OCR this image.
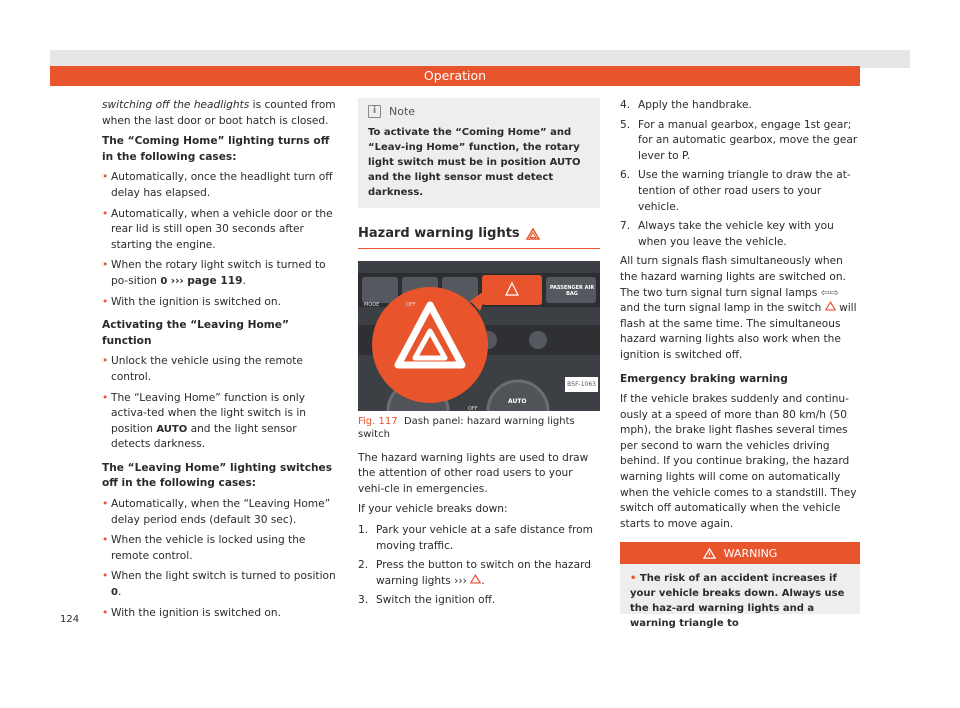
Operation

switching off the headlights is counted from when the last door or boot hatch is closed.

The “Coming Home” lighting turns off in the following cases:

• Automatically, once the headlight turn off delay has elapsed.
• Automatically, when a vehicle door or the rear lid is still open 30 seconds after starting the engine.
• When the rotary light switch is turned to po-sition 0 ››› page 119.
• With the ignition is switched on.

Activating the “Leaving Home” function

• Unlock the vehicle using the remote control.
• The “Leaving Home” function is only activa-ted when the light switch is in position AUTO and the light sensor detects darkness.

The “Leaving Home” lighting switches off in the following cases:

• Automatically, when the “Leaving Home” delay period ends (default 30 sec).
• When the vehicle is locked using the remote control.
• When the light switch is turned to position 0.
• With the ignition is switched on.
i	Note
To activate the “Coming Home” and “Leav-ing Home” function, the rotary light switch must be in position AUTO and the light sensor must detect darkness.
Hazard warning lights
MODE	OFF
PASSENGER AIR BAG
AUTO
OFF
B5F-1063
Fig. 117 Dash panel: hazard warning lights switch

The hazard warning lights are used to draw the attention of other road users to your vehi-cle in emergencies.

If your vehicle breaks down:

1. Park your vehicle at a safe distance from moving traffic.
2. Press the button to switch on the hazard warning lights ››› .
3. Switch the ignition off.
4. Apply the handbrake.
5. For a manual gearbox, engage 1st gear; for an automatic gearbox, move the gear lever to P.
6. Use the warning triangle to draw the at-tention of other road users to your vehicle.
7. Always take the vehicle key with you when you leave the vehicle.

All turn signals flash simultaneously when the hazard warning lights are switched on. The two turn signal turn signal lamps ⇦⇨ and the turn signal lamp in the switch will flash at the same time. The simultaneous hazard warning lights also work when the ignition is switched off.

Emergency braking warning

If the vehicle brakes suddenly and continu-ously at a speed of more than 80 km/h (50 mph), the brake light flashes several times per second to warn the vehicles driving behind. If you continue braking, the hazard warning lights will come on automatically when the vehicle comes to a standstill. They switch off automatically when the vehicle starts to move again.

WARNING
• The risk of an accident increases if your vehicle breaks down. Always use the haz-ard warning lights and a warning triangle to
124
